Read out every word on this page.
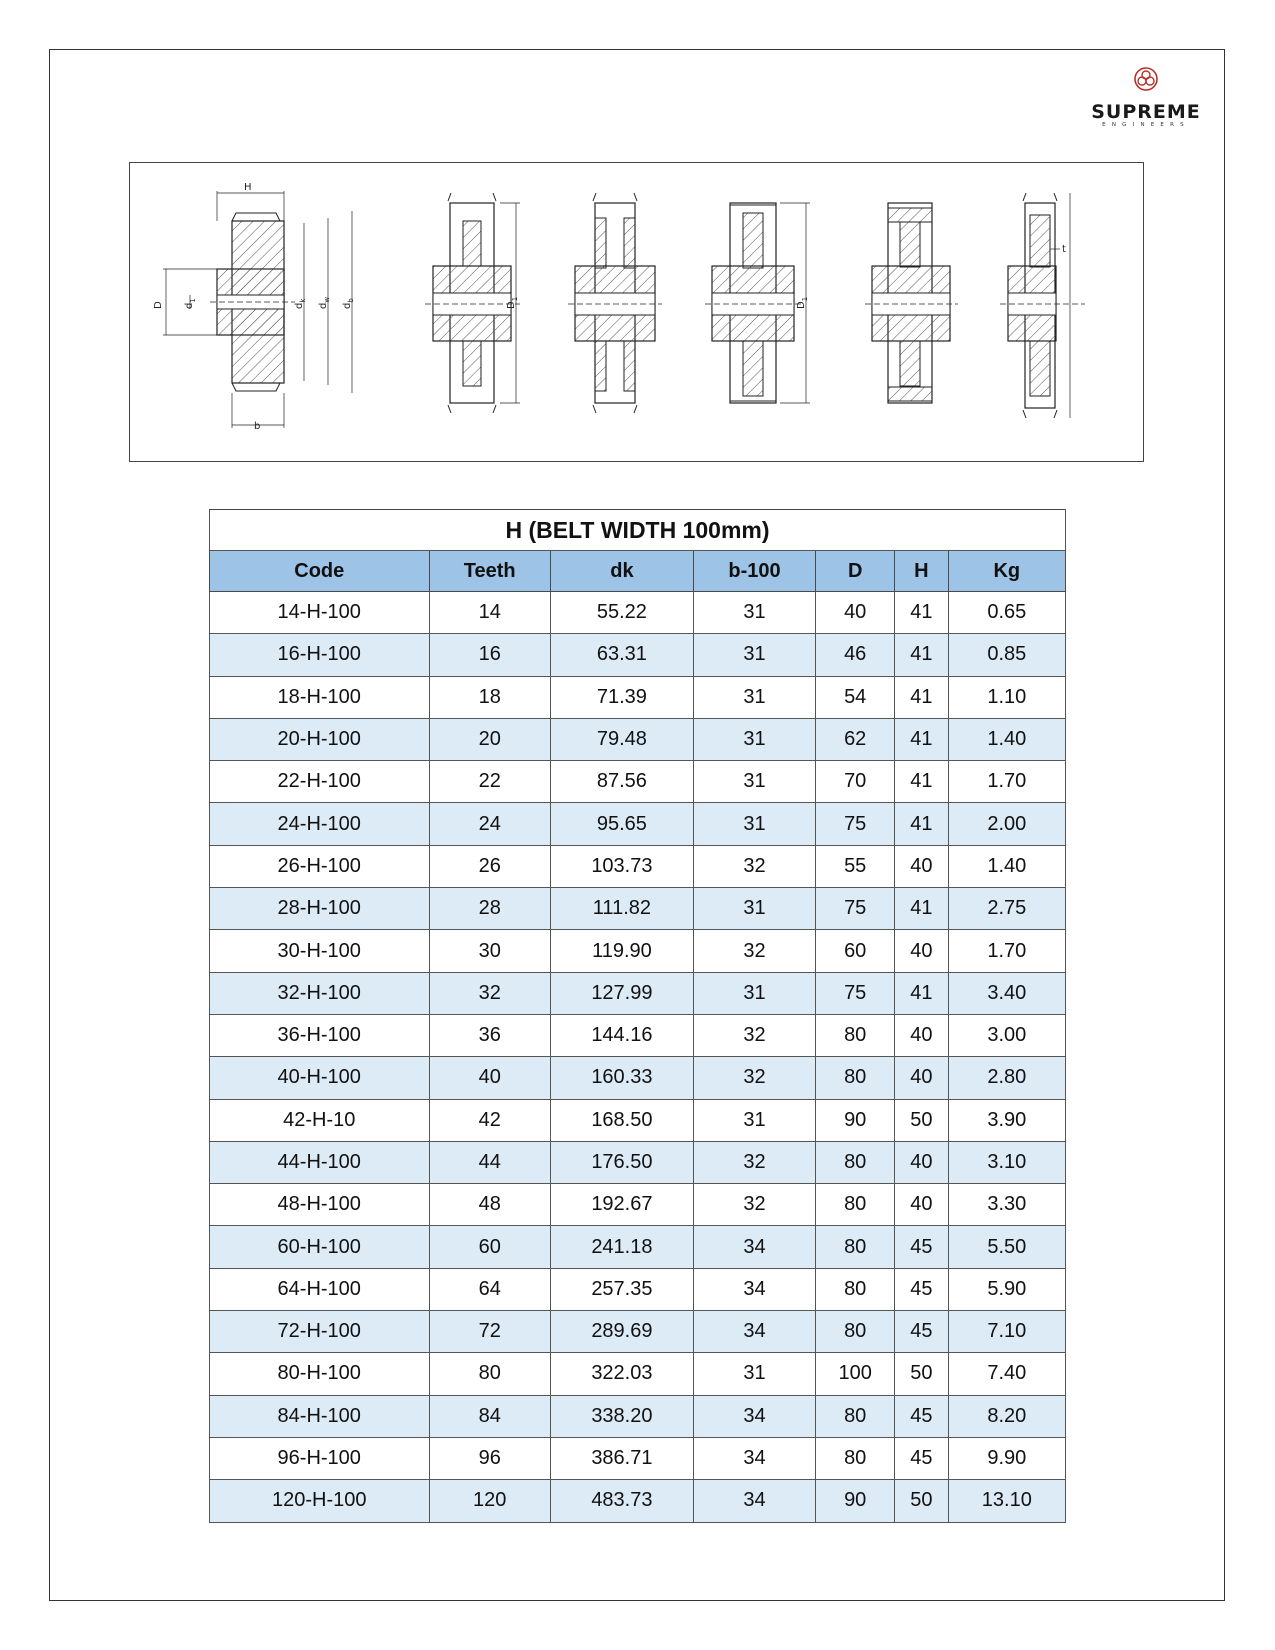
SUPREME
ENGINEERS
H
b
D $d_1$
$d_k$
$d_w$
$d_b$
$D_1$
$D_1$
t
H (BELT WIDTH 100mm)						
Code	Teeth	dk	b-100	D	H	Kg
14-H-100	14	55.22	31	40	41	0.65
16-H-100	16	63.31	31	46	41	0.85
18-H-100	18	71.39	31	54	41	1.10
20-H-100	20	79.48	31	62	41	1.40
22-H-100	22	87.56	31	70	41	1.70
24-H-100	24	95.65	31	75	41	2.00
26-H-100	26	103.73	32	55	40	1.40
28-H-100	28	111.82	31	75	41	2.75
30-H-100	30	119.90	32	60	40	1.70
32-H-100	32	127.99	31	75	41	3.40
36-H-100	36	144.16	32	80	40	3.00
40-H-100	40	160.33	32	80	40	2.80
42-H-10	42	168.50	31	90	50	3.90
44-H-100	44	176.50	32	80	40	3.10
48-H-100	48	192.67	32	80	40	3.30
60-H-100	60	241.18	34	80	45	5.50
64-H-100	64	257.35	34	80	45	5.90
72-H-100	72	289.69	34	80	45	7.10
80-H-100	80	322.03	31	100	50	7.40
84-H-100	84	338.20	34	80	45	8.20
96-H-100	96	386.71	34	80	45	9.90
120-H-100	120	483.73	34	90	50	13.10
